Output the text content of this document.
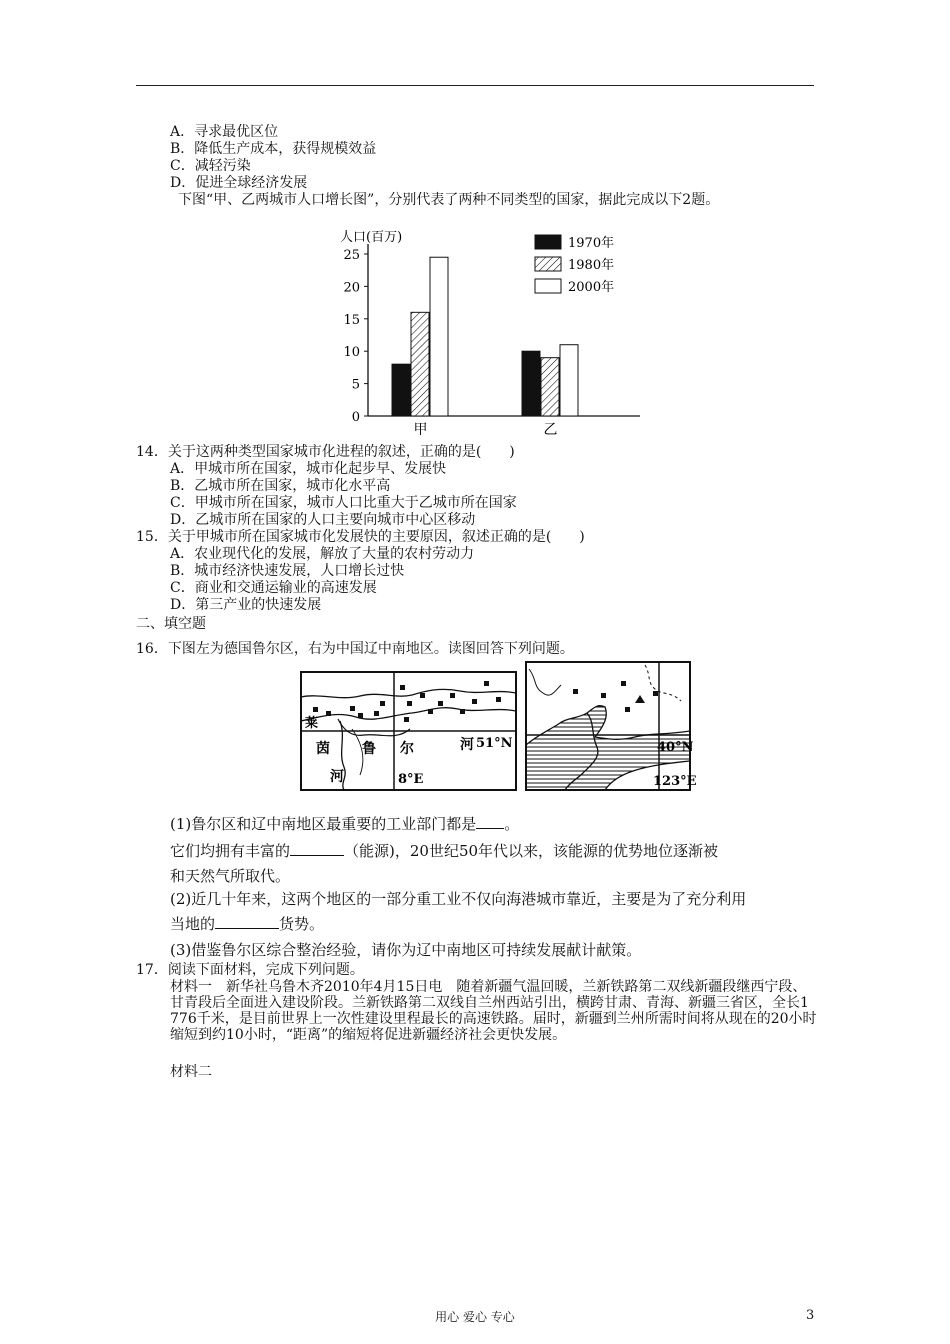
A．寻求最优区位
B．降低生产成本，获得规模效益
C．减轻污染
D．促进全球经济发展
下图“甲、乙两城市人口增长图”，分别代表了两种不同类型的国家，据此完成以下2题。
人口(百万)
0
5
10
15
20
25
甲	乙
1970年
1980年
2000年
14．关于这两种类型国家城市化进程的叙述，正确的是(　　)
A．甲城市所在国家，城市化起步早、发展快
B．乙城市所在国家，城市化水平高
C．甲城市所在国家，城市人口比重大于乙城市所在国家
D．乙城市所在国家的人口主要向城市中心区移动
15．关于甲城市所在国家城市化发展快的主要原因，叙述正确的是(　　)
A．农业现代化的发展，解放了大量的农村劳动力
B．城市经济快速发展，人口增长过快
C．商业和交通运输业的高速发展
D．第三产业的快速发展
二、填空题
16．下图左为德国鲁尔区，右为中国辽中南地区。读图回答下列问题。
莱
茵 鲁 尔	河
河
51°N
8°E
40°N
123°E
(1)鲁尔区和辽中南地区最重要的工业部门都是 。
它们均拥有丰富的	（能源)，20世纪50年代以来，该能源的优势地位逐渐被
和天然气所取代。
(2)近几十年来，这两个地区的一部分重工业不仅向海港城市靠近，主要是为了充分利用
当地的	货势。
(3)借鉴鲁尔区综合整治经验，请你为辽中南地区可持续发展献计献策。
17．阅读下面材料，完成下列问题。
材料一　新华社乌鲁木齐2010年4月15日电　随着新疆气温回暖，兰新铁路第二双线新疆段继西宁段、甘青段后全面进入建设阶段。兰新铁路第二双线自兰州西站引出，横跨甘肃、青海、新疆三省区，全长1 776千米，是目前世界上一次性建设里程最长的高速铁路。届时，新疆到兰州所需时间将从现在的20小时缩短到约10小时，“距离”的缩短将促进新疆经济社会更快发展。
材料二
用心 爱心 专心	3
